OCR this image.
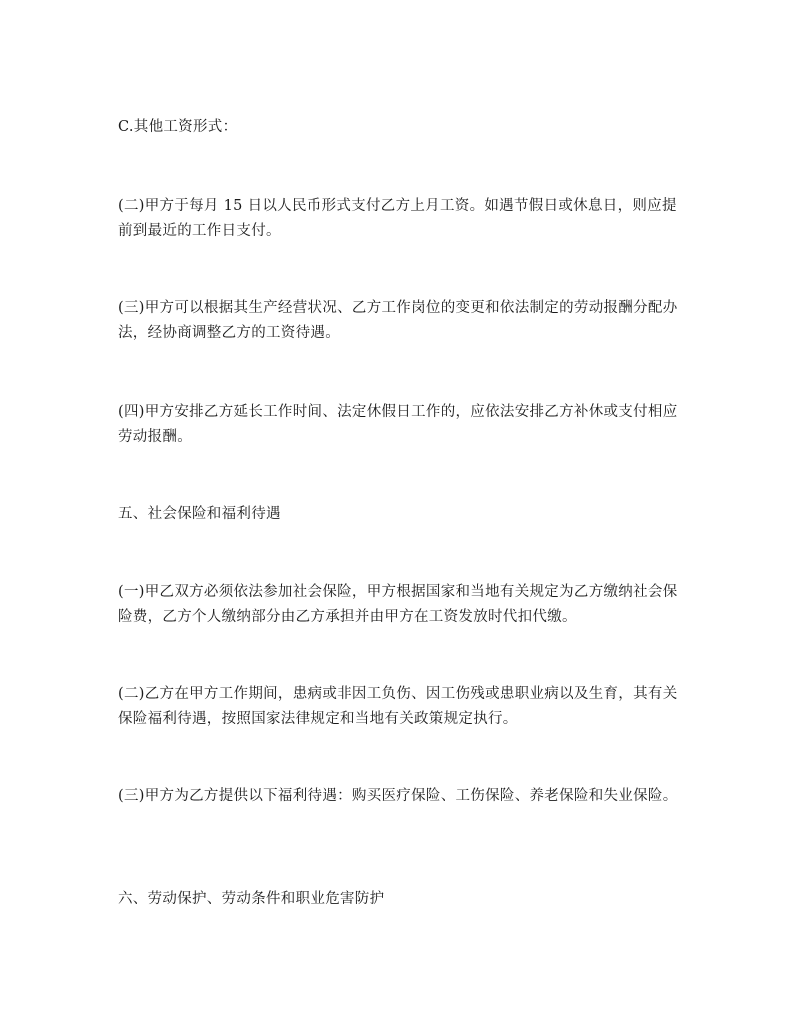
C.其他工资形式：

(二)甲方于每月 15 日以人民币形式支付乙方上月工资。如遇节假日或休息日，则应提前到最近的工作日支付。

(三)甲方可以根据其生产经营状况、乙方工作岗位的变更和依法制定的劳动报酬分配办法，经协商调整乙方的工资待遇。

(四)甲方安排乙方延长工作时间、法定休假日工作的，应依法安排乙方补休或支付相应劳动报酬。

五、社会保险和福利待遇

(一)甲乙双方必须依法参加社会保险，甲方根据国家和当地有关规定为乙方缴纳社会保险费，乙方个人缴纳部分由乙方承担并由甲方在工资发放时代扣代缴。

(二)乙方在甲方工作期间，患病或非因工负伤、因工伤残或患职业病以及生育，其有关保险福利待遇，按照国家法律规定和当地有关政策规定执行。

(三)甲方为乙方提供以下福利待遇：购买医疗保险、工伤保险、养老保险和失业保险。

六、劳动保护、劳动条件和职业危害防护
